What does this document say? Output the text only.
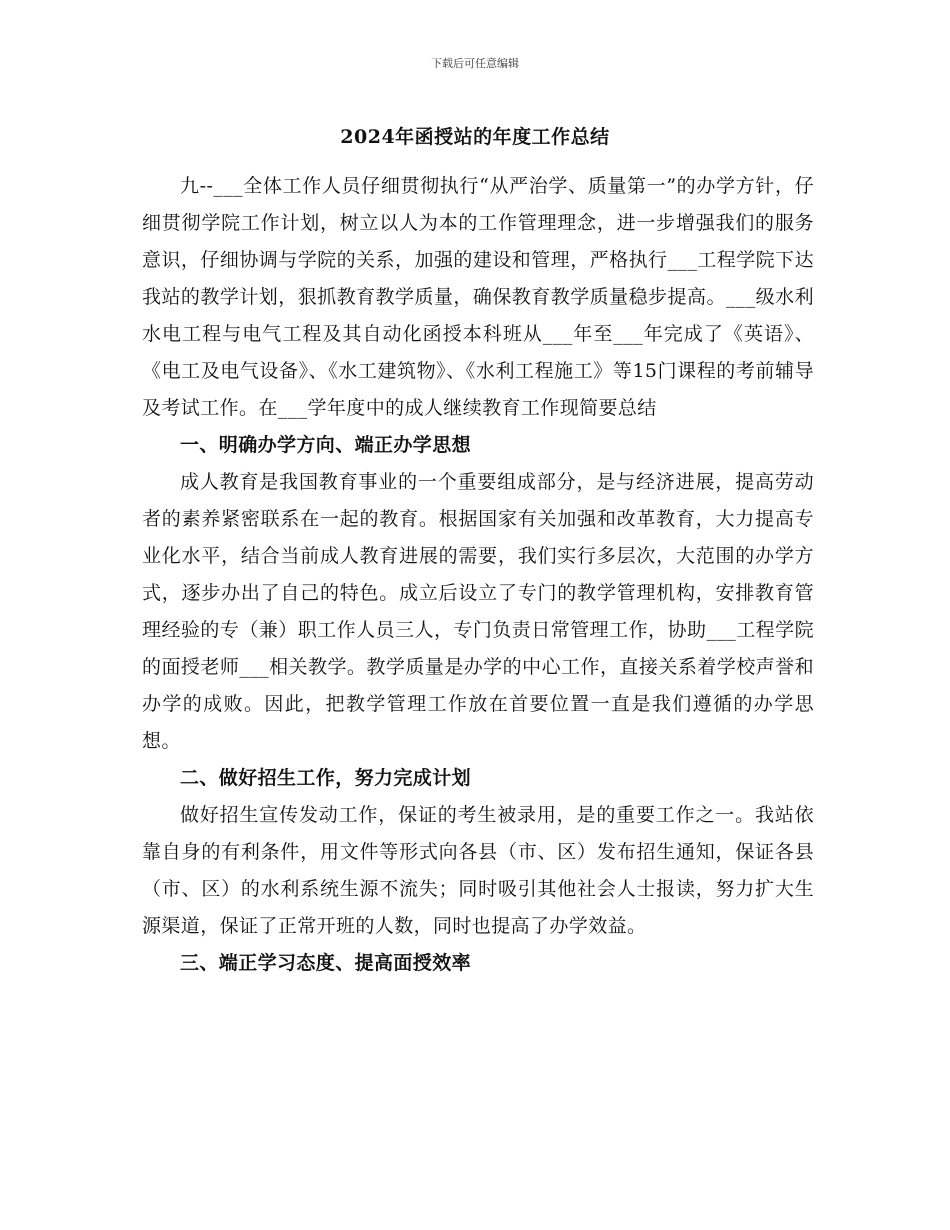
下载后可任意编辑
2024年函授站的年度工作总结

九--___全体工作人员仔细贯彻执行“从严治学、质量第一”的办学方针，仔细贯彻学院工作计划，树立以人为本的工作管理理念，进一步增强我们的服务意识，仔细协调与学院的关系，加强的建设和管理，严格执行___工程学院下达我站的教学计划，狠抓教育教学质量，确保教育教学质量稳步提高。___级水利水电工程与电气工程及其自动化函授本科班从___年至___年完成了《英语》、《电工及电气设备》、《水工建筑物》、《水利工程施工》等15门课程的考前辅导及考试工作。在___学年度中的成人继续教育工作现简要总结

一、明确办学方向、端正办学思想

成人教育是我国教育事业的一个重要组成部分，是与经济进展，提高劳动者的素养紧密联系在一起的教育。根据国家有关加强和改革教育，大力提高专业化水平，结合当前成人教育进展的需要，我们实行多层次，大范围的办学方式，逐步办出了自己的特色。成立后设立了专门的教学管理机构，安排教育管理经验的专（兼）职工作人员三人，专门负责日常管理工作，协助___工程学院的面授老师___相关教学。教学质量是办学的中心工作，直接关系着学校声誉和办学的成败。因此，把教学管理工作放在首要位置一直是我们遵循的办学思想。

二、做好招生工作，努力完成计划

做好招生宣传发动工作，保证的考生被录用，是的重要工作之一。我站依靠自身的有利条件，用文件等形式向各县（市、区）发布招生通知，保证各县（市、区）的水利系统生源不流失；同时吸引其他社会人士报读，努力扩大生源渠道，保证了正常开班的人数，同时也提高了办学效益。

三、端正学习态度、提高面授效率
